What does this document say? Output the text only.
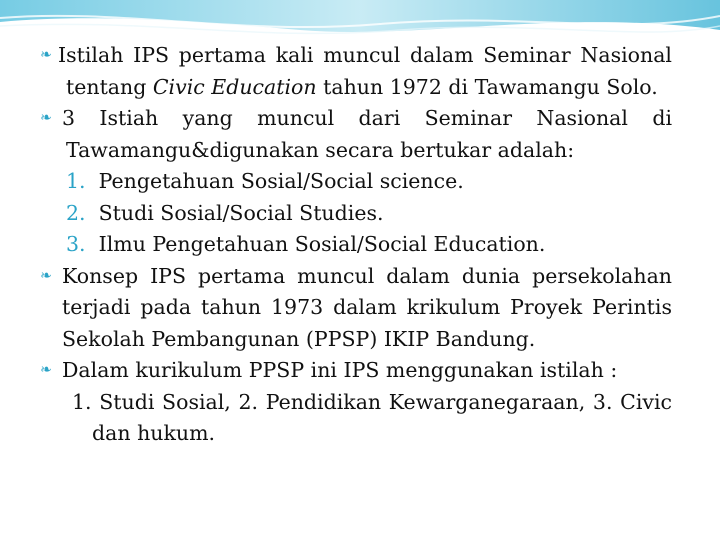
❧ Istilah IPS pertama kali muncul dalam Seminar Nasional
tentang Civic Education tahun 1972 di Tawamangu Solo.
❧ 3 Istiah yang muncul dari Seminar Nasional di
Tawamangu&digunakan secara bertukar adalah:
1. Pengetahuan Sosial/Social science.
2.  Studi Sosial/Social Studies.
3. Ilmu Pengetahuan Sosial/Social Education.
❧ Konsep IPS pertama muncul dalam dunia persekolahan
terjadi pada tahun 1973 dalam krikulum Proyek Perintis
Sekolah Pembangunan (PPSP) IKIP Bandung.
❧ Dalam kurikulum PPSP ini IPS menggunakan istilah :
1. Studi Sosial, 2. Pendidikan Kewarganegaraan, 3. Civic
dan hukum.
